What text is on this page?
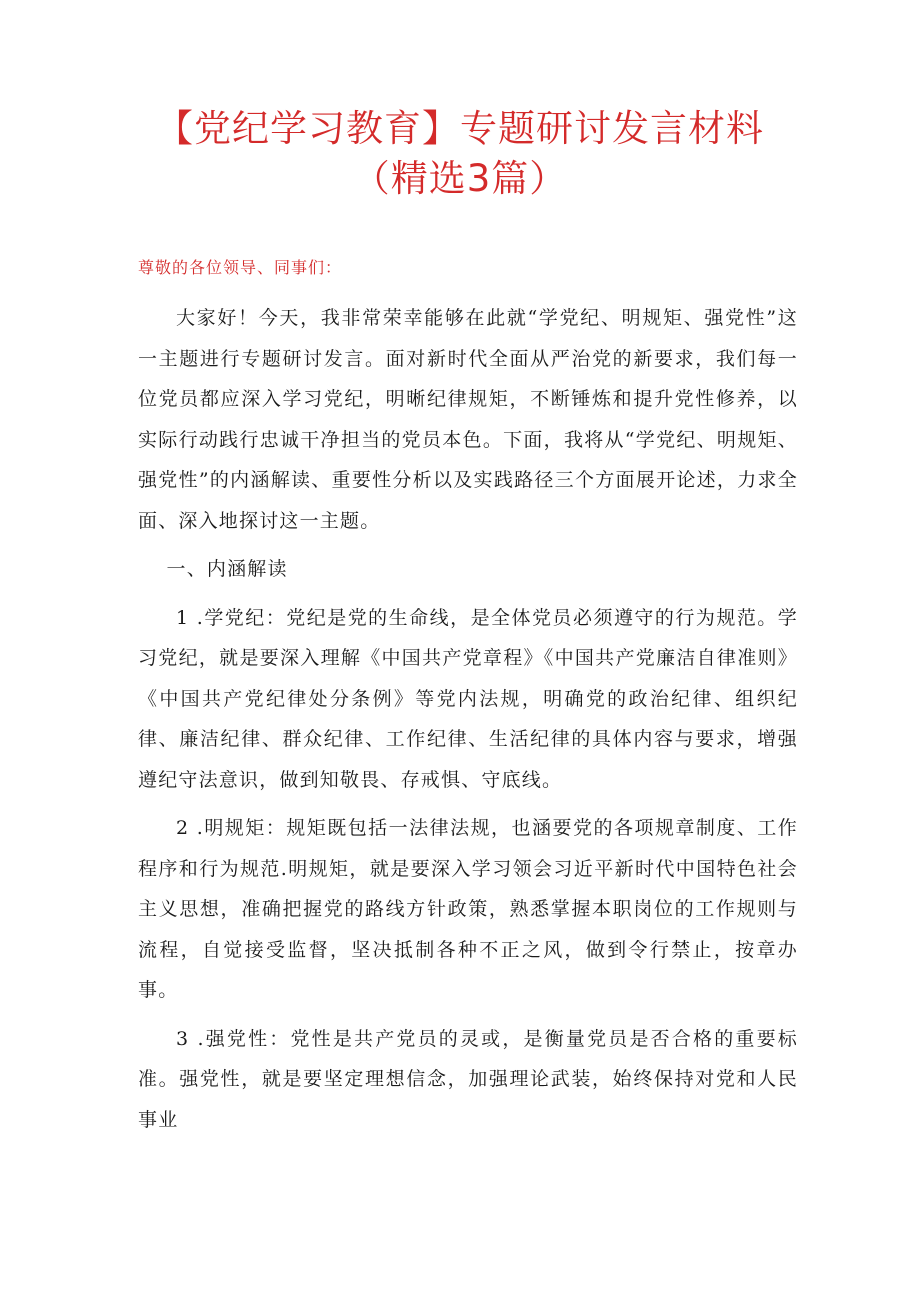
【党纪学习教育】专题研讨发言材料（精选3篇）

尊敬的各位领导、同事们：

大家好！今天，我非常荣幸能够在此就“学党纪、明规矩、强党性”这一主题进行专题研讨发言。面对新时代全面从严治党的新要求，我们每一位党员都应深入学习党纪，明晰纪律规矩，不断锤炼和提升党性修养，以实际行动践行忠诚干净担当的党员本色。下面，我将从“学党纪、明规矩、强党性”的内涵解读、重要性分析以及实践路径三个方面展开论述，力求全面、深入地探讨这一主题。

一、内涵解读

1 .学党纪：党纪是党的生命线，是全体党员必须遵守的行为规范。学习党纪，就是要深入理解《中国共产党章程》《中国共产党廉洁自律准则》《中国共产党纪律处分条例》等党内法规，明确党的政治纪律、组织纪律、廉洁纪律、群众纪律、工作纪律、生活纪律的具体内容与要求，增强遵纪守法意识，做到知敬畏、存戒惧、守底线。

2 .明规矩：规矩既包括一法律法规，也涵要党的各项规章制度、工作程序和行为规范.明规矩，就是要深入学习领会习近平新时代中国特色社会主义思想，准确把握党的路线方针政策，熟悉掌握本职岗位的工作规则与流程，自觉接受监督，坚决抵制各种不正之风，做到令行禁止，按章办事。

3 .强党性：党性是共产党员的灵或，是衡量党员是否合格的重要标准。强党性，就是要坚定理想信念，加强理论武装，始终保持对党和人民事业
